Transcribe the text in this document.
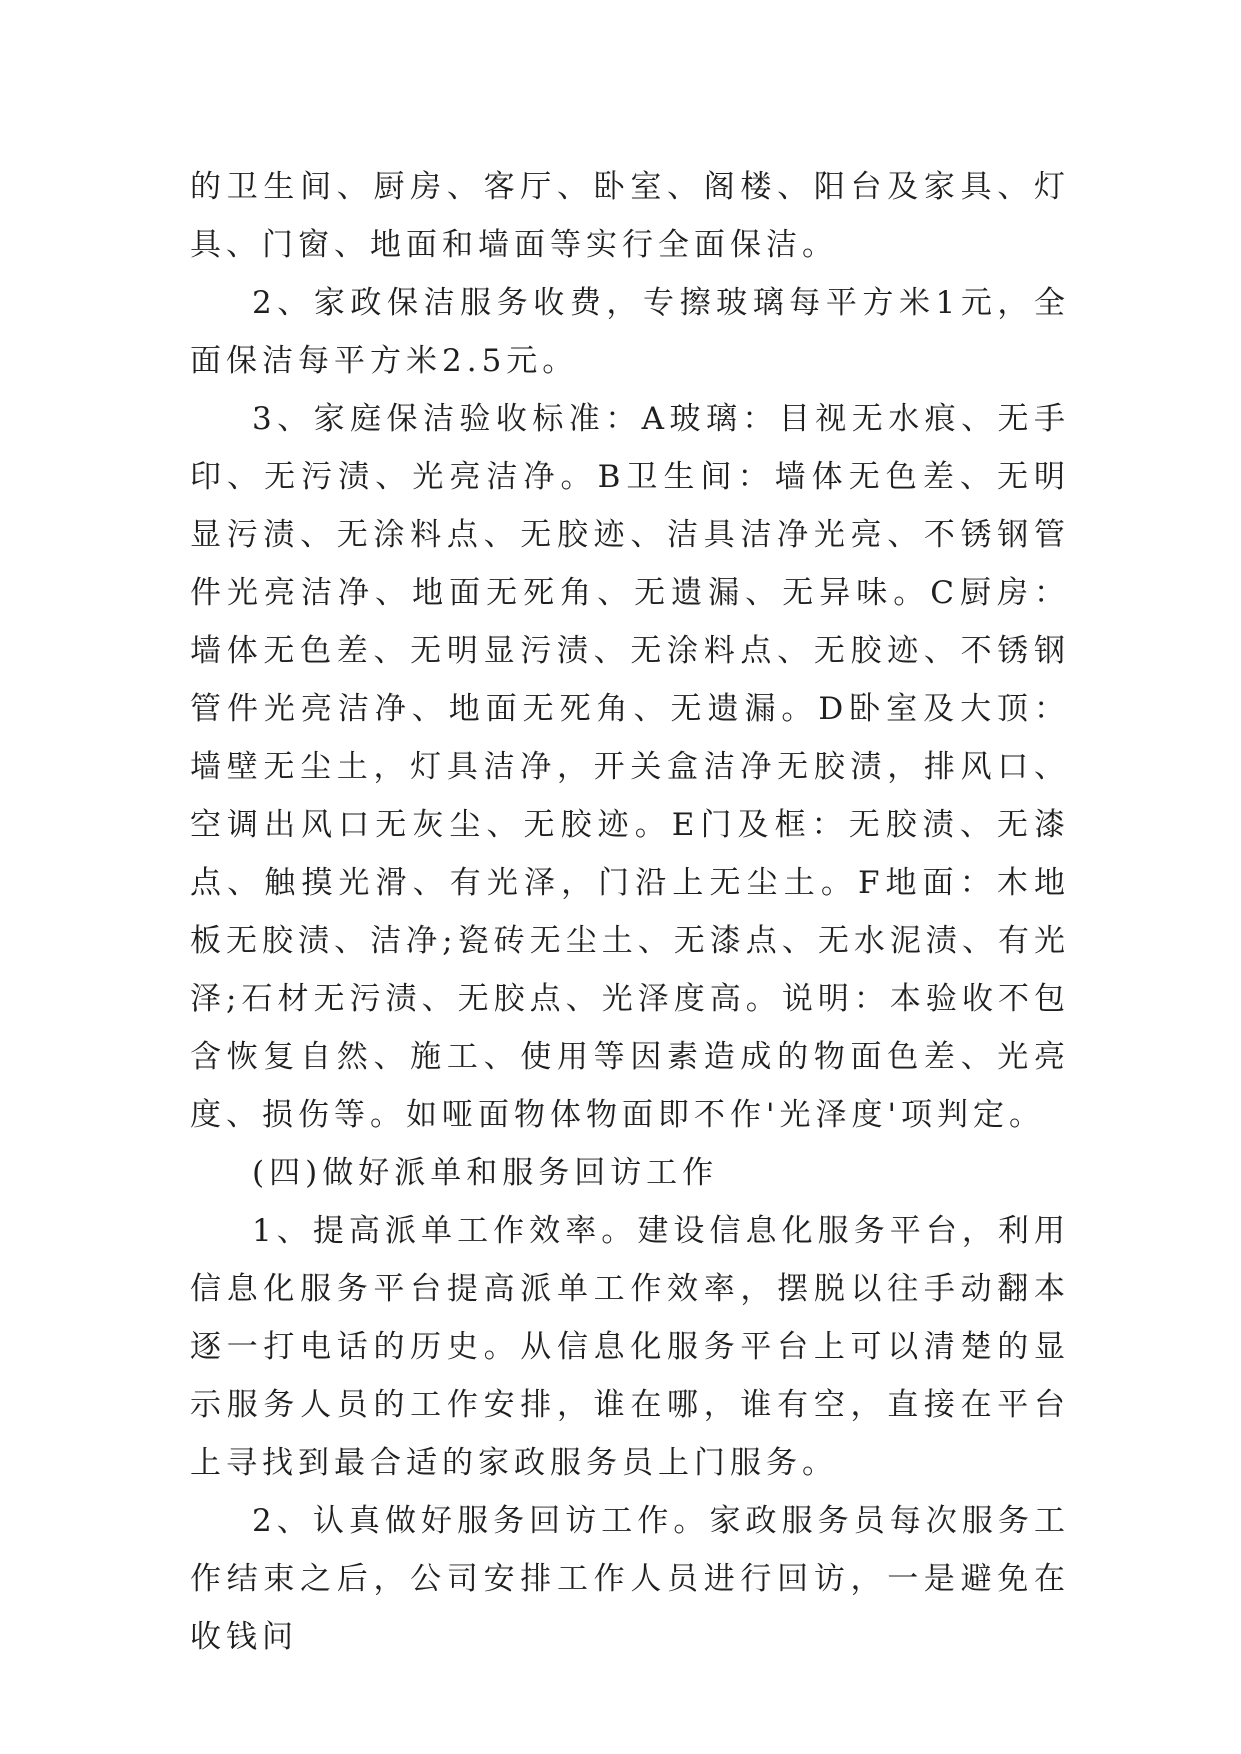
的卫生间、厨房、客厅、卧室、阁楼、阳台及家具、灯具、门窗、地面和墙面等实行全面保洁。

2、家政保洁服务收费，专擦玻璃每平方米1元，全面保洁每平方米2.5元。

3、家庭保洁验收标准：A玻璃：目视无水痕、无手印、无污渍、光亮洁净。B卫生间：墙体无色差、无明显污渍、无涂料点、无胶迹、洁具洁净光亮、不锈钢管件光亮洁净、地面无死角、无遗漏、无异味。C厨房：墙体无色差、无明显污渍、无涂料点、无胶迹、不锈钢管件光亮洁净、地面无死角、无遗漏。D卧室及大顶：墙壁无尘土，灯具洁净，开关盒洁净无胶渍，排风口、空调出风口无灰尘、无胶迹。E门及框：无胶渍、无漆点、触摸光滑、有光泽，门沿上无尘土。F地面：木地板无胶渍、洁净;瓷砖无尘土、无漆点、无水泥渍、有光泽;石材无污渍、无胶点、光泽度高。说明：本验收不包含恢复自然、施工、使用等因素造成的物面色差、光亮度、损伤等。如哑面物体物面即不作'光泽度'项判定。

(四)做好派单和服务回访工作

1、提高派单工作效率。建设信息化服务平台，利用信息化服务平台提高派单工作效率，摆脱以往手动翻本逐一打电话的历史。从信息化服务平台上可以清楚的显示服务人员的工作安排，谁在哪，谁有空，直接在平台上寻找到最合适的家政服务员上门服务。

2、认真做好服务回访工作。家政服务员每次服务工作结束之后，公司安排工作人员进行回访，一是避免在收钱问
